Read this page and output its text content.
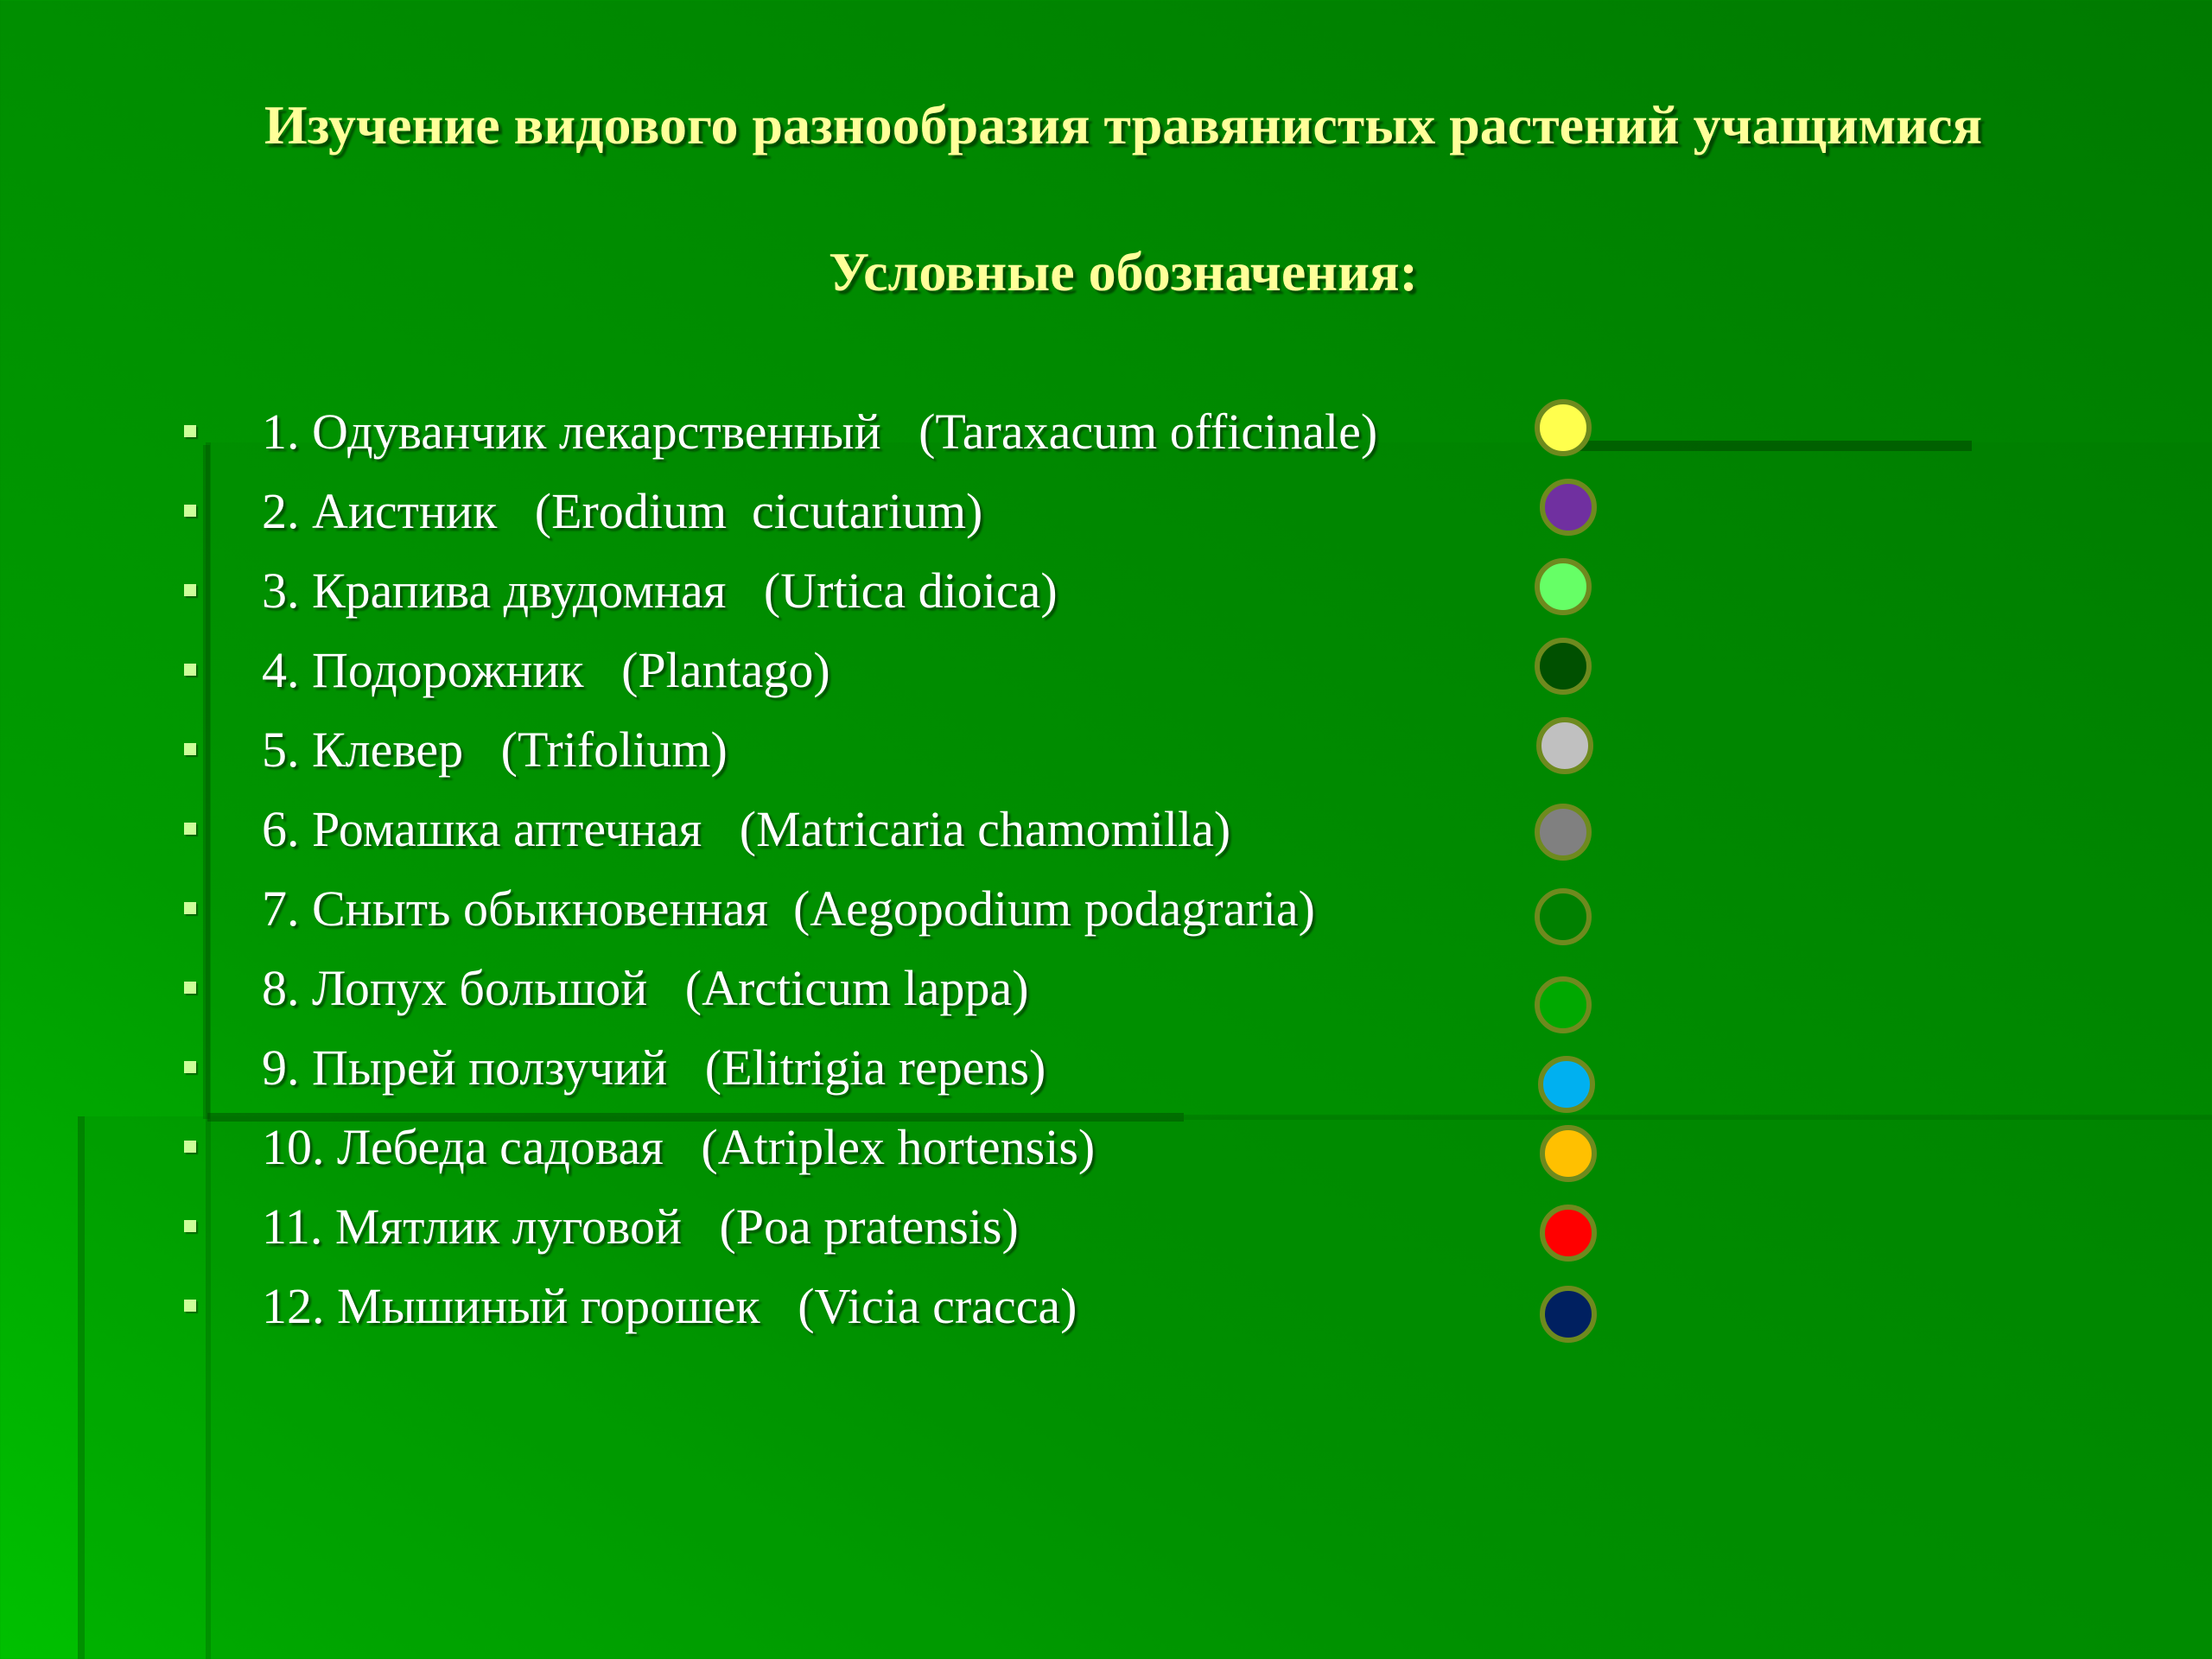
Изучение видового разнообразия травянистых растений учащимися
Условные обозначения:
1. Одуванчик лекарственный   (Taraxacum officinale)
2. Аистник   (Erodium  cicutarium)
3. Крапива двудомная   (Urtica dioica)
4. Подорожник   (Plantago)
5. Клевер   (Trifolium)
6. Ромашка аптечная   (Matricaria chamomilla)
7. Сныть обыкновенная  (Aegopodium podagraria)
8. Лопух большой   (Arcticum lappa)
9. Пырей ползучий   (Elitrigia repens)
10. Лебеда садовая   (Atriplex hortensis)
11. Мятлик луговой   (Poa pratensis)
12. Мышиный горошек   (Vicia cracca)
